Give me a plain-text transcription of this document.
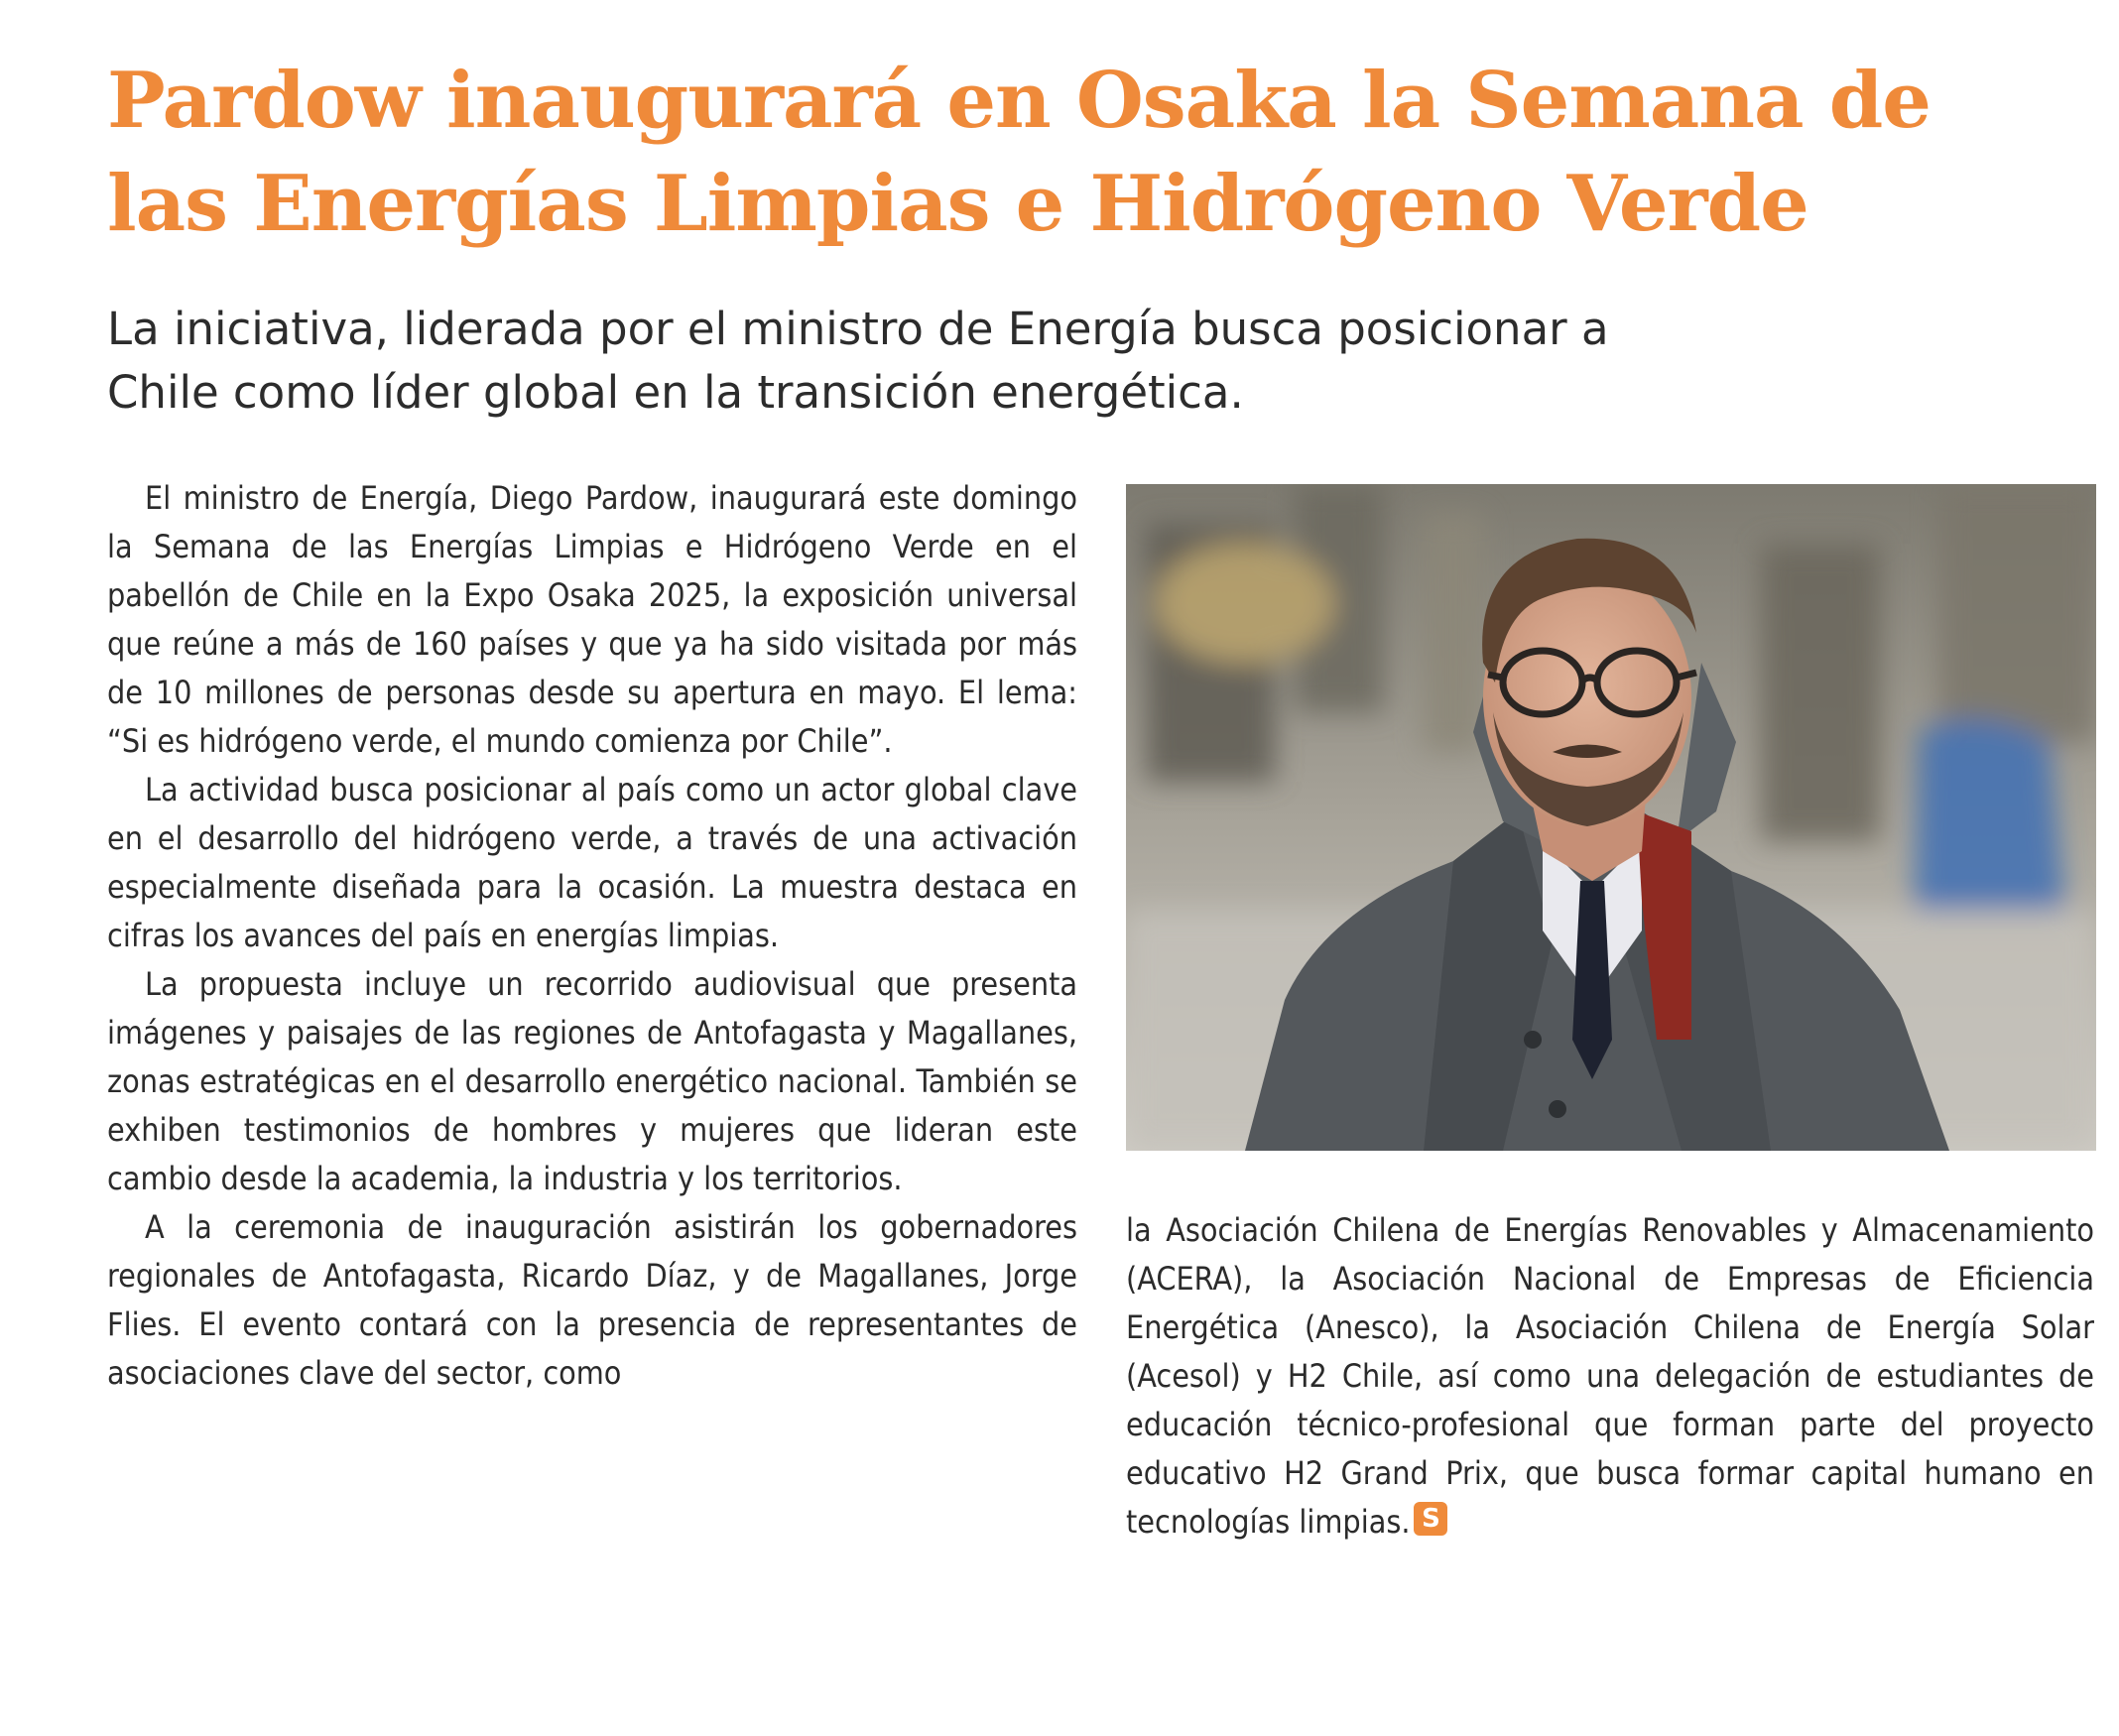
Pardow inaugurará en Osaka la Semana de las Energías Limpias e Hidrógeno Verde
La iniciativa, liderada por el ministro de Energía busca posicionar a Chile como líder global en la transición energética.

El ministro de Energía, Diego Pardow, inaugurará este domingo la Semana de las Energías Limpias e Hidrógeno Verde en el pabellón de Chile en la Expo Osaka 2025, la exposición universal que reúne a más de 160 países y que ya ha sido visitada por más de 10 millones de personas desde su apertura en mayo. El lema: “Si es hidrógeno verde, el mundo comienza por Chile”.

La actividad busca posicionar al país como un actor global clave en el desarrollo del hidrógeno verde, a través de una activación especialmente diseñada para la ocasión. La muestra destaca en cifras los avances del país en energías limpias.

La propuesta incluye un recorrido audiovisual que presenta imágenes y paisajes de las regiones de Antofagasta y Magallanes, zonas estratégicas en el desarrollo energético nacional. También se exhiben testimonios de hombres y mujeres que lideran este cambio desde la academia, la industria y los territorios.

A la ceremonia de inauguración asistirán los gobernadores regionales de Antofagasta, Ricardo Díaz, y de Magallanes, Jorge Flies. El evento contará con la presencia de representantes de asociaciones clave del sector, como

la Asociación Chilena de Energías Renovables y Almacenamiento (ACERA), la Asociación Nacional de Empresas de Eficiencia Energética (Anesco), la Asociación Chilena de Energía Solar (Acesol) y H2 Chile, así como una delegación de estudiantes de educación técnico-profesional que forman parte del proyecto educativo H2 Grand Prix, que busca formar capital humano en tecnologías limpias. S
